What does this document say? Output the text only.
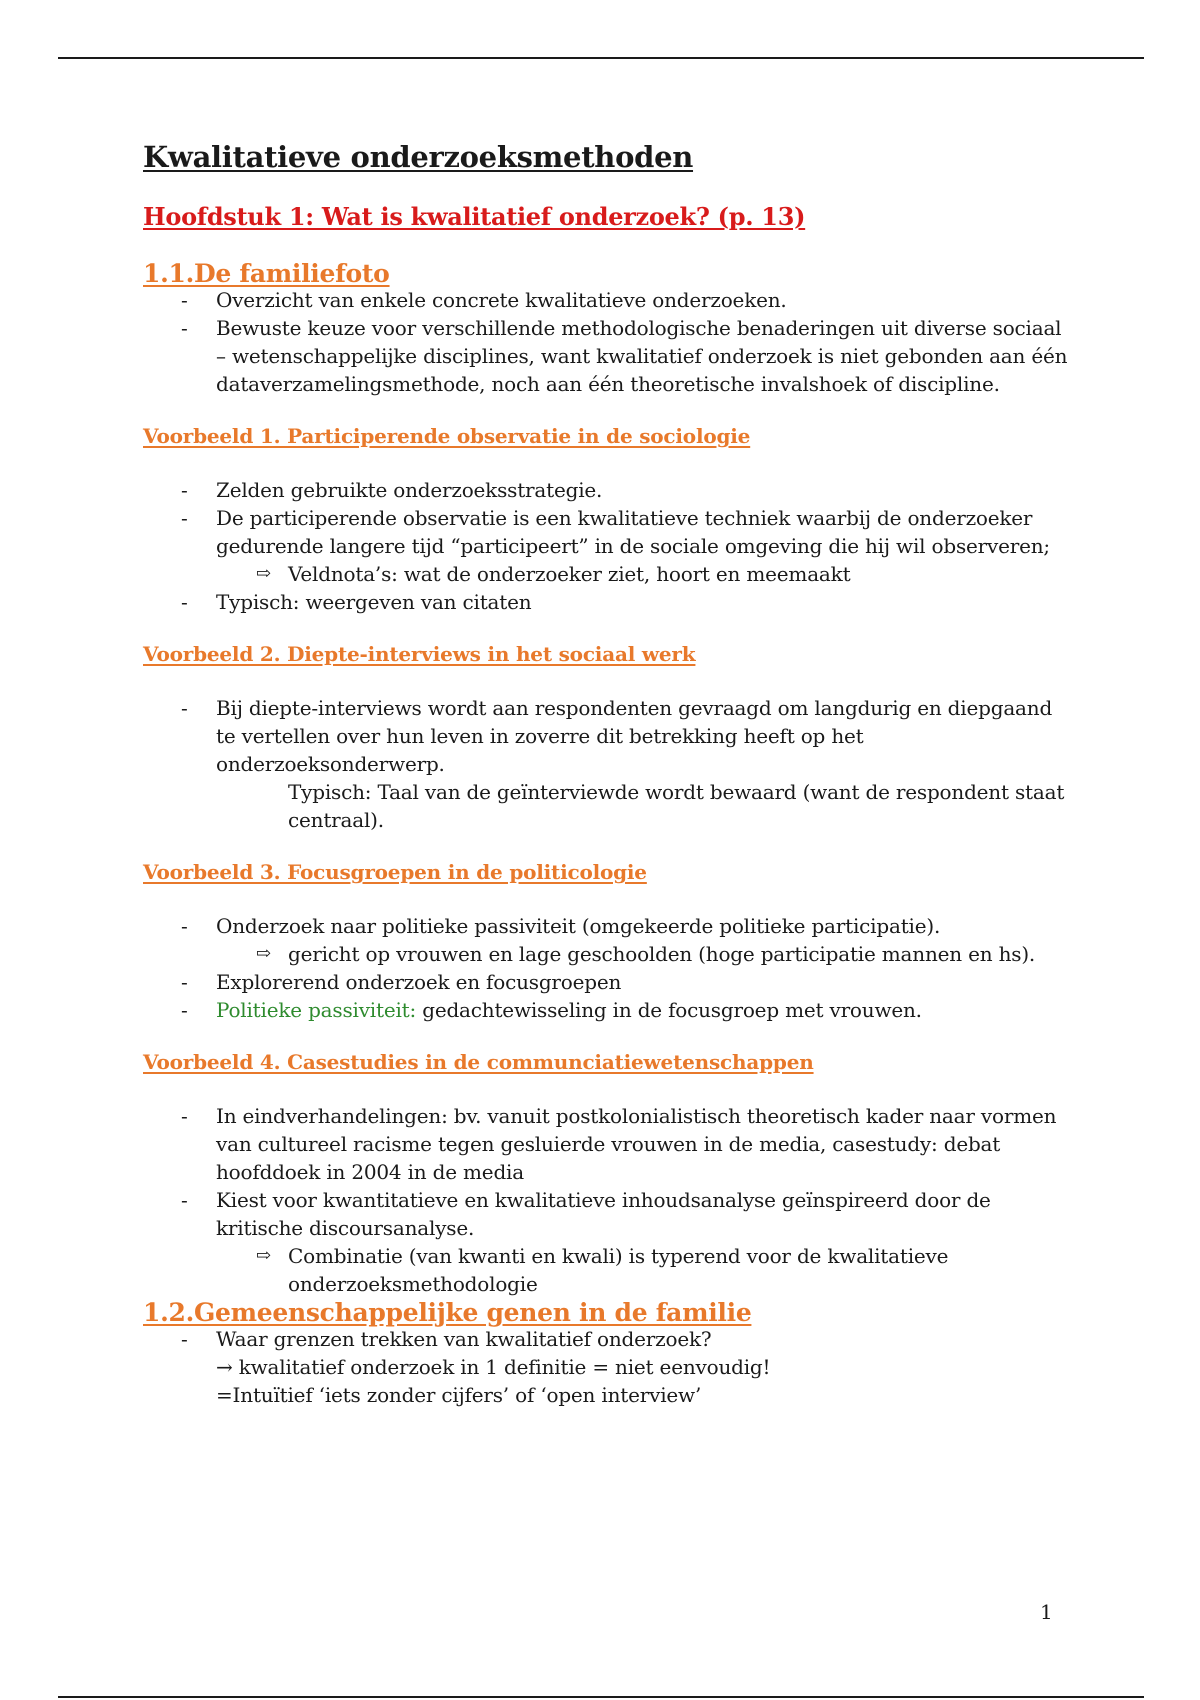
Kwalitatieve onderzoeksmethoden
Hoofdstuk 1: Wat is kwalitatief onderzoek? (p. 13)
1.1.De familiefoto
- Overzicht van enkele concrete kwalitatieve onderzoeken.
- Bewuste keuze voor verschillende methodologische benaderingen uit diverse sociaal – wetenschappelijke disciplines, want kwalitatief onderzoek is niet gebonden aan één dataverzamelingsmethode, noch aan één theoretische invalshoek of discipline.
Voorbeeld 1. Participerende observatie in de sociologie
- Zelden gebruikte onderzoeksstrategie.
- De participerende observatie is een kwalitatieve techniek waarbij de onderzoeker gedurende langere tijd “participeert” in de sociale omgeving die hij wil observeren;
⇨ Veldnota’s: wat de onderzoeker ziet, hoort en meemaakt
- Typisch: weergeven van citaten
Voorbeeld 2. Diepte-interviews in het sociaal werk
- Bij diepte-interviews wordt aan respondenten gevraagd om langdurig en diepgaand te vertellen over hun leven in zoverre dit betrekking heeft op het onderzoeksonderwerp.
Typisch: Taal van de geïnterviewde wordt bewaard (want de respondent staat centraal).
Voorbeeld 3. Focusgroepen in de politicologie
- Onderzoek naar politieke passiviteit (omgekeerde politieke participatie).
⇨ gericht op vrouwen en lage geschoolden (hoge participatie mannen en hs).
- Explorerend onderzoek en focusgroepen
- Politieke passiviteit: gedachtewisseling in de focusgroep met vrouwen.
Voorbeeld 4. Casestudies in de communciatiewetenschappen
- In eindverhandelingen: bv. vanuit postkolonialistisch theoretisch kader naar vormen van cultureel racisme tegen gesluierde vrouwen in de media, casestudy: debat hoofddoek in 2004 in de media
- Kiest voor kwantitatieve en kwalitatieve inhoudsanalyse geïnspireerd door de kritische discoursanalyse.
⇨ Combinatie (van kwanti en kwali) is typerend voor de kwalitatieve onderzoeksmethodologie
1.2.Gemeenschappelijke genen in de familie
- Waar grenzen trekken van kwalitatief onderzoek?
→ kwalitatief onderzoek in 1 definitie = niet eenvoudig!
=Intuïtief ‘iets zonder cijfers’ of ‘open interview’
1
